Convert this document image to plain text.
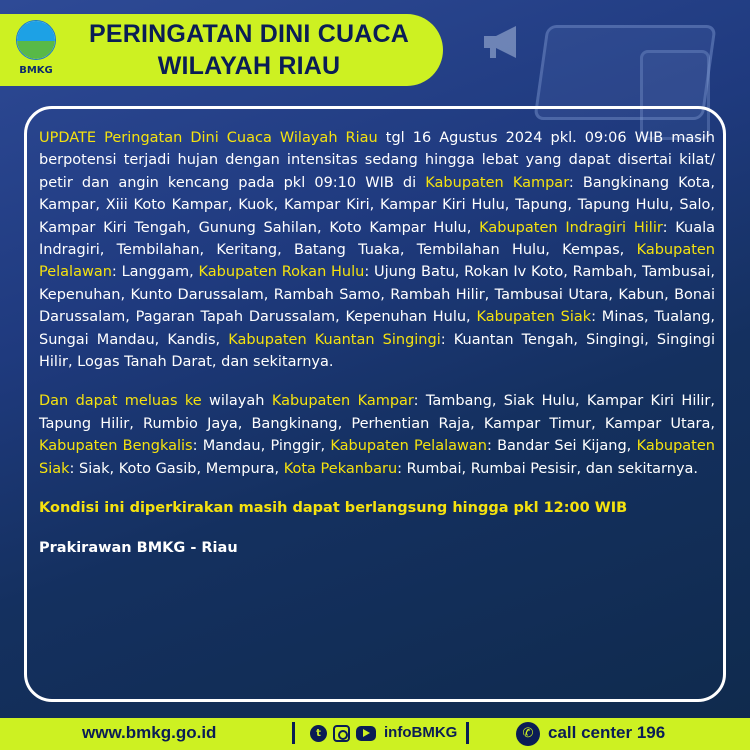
BMKG
PERINGATAN DINI CUACA
WILAYAH RIAU

UPDATE Peringatan Dini Cuaca Wilayah Riau tgl 16 Agustus 2024 pkl. 09:06 WIB masih berpotensi terjadi hujan dengan intensitas sedang hingga lebat yang dapat disertai kilat/ petir dan angin kencang pada pkl 09:10 WIB di Kabupaten Kampar: Bangkinang Kota, Kampar, Xiii Koto Kampar, Kuok, Kampar Kiri, Kampar Kiri Hulu, Tapung, Tapung Hulu, Salo, Kampar Kiri Tengah, Gunung Sahilan, Koto Kampar Hulu, Kabupaten Indragiri Hilir: Kuala Indragiri, Tembilahan, Keritang, Batang Tuaka, Tembilahan Hulu, Kempas, Kabupaten Pelalawan: Langgam, Kabupaten Rokan Hulu: Ujung Batu, Rokan Iv Koto, Rambah, Tambusai, Kepenuhan, Kunto Darussalam, Rambah Samo, Rambah Hilir, Tambusai Utara, Kabun, Bonai Darussalam, Pagaran Tapah Darussalam, Kepenuhan Hulu, Kabupaten Siak: Minas, Tualang, Sungai Mandau, Kandis, Kabupaten Kuantan Singingi: Kuantan Tengah, Singingi, Singingi Hilir, Logas Tanah Darat, dan sekitarnya.

Dan dapat meluas ke wilayah Kabupaten Kampar: Tambang, Siak Hulu, Kampar Kiri Hilir, Tapung Hilir, Rumbio Jaya, Bangkinang, Perhentian Raja, Kampar Timur, Kampar Utara, Kabupaten Bengkalis: Mandau, Pinggir, Kabupaten Pelalawan: Bandar Sei Kijang, Kabupaten Siak: Siak, Koto Gasib, Mempura, Kota Pekanbaru: Rumbai, Rumbai Pesisir, dan sekitarnya.

Kondisi ini diperkirakan masih dapat berlangsung hingga pkl 12:00 WIB

Prakirawan BMKG - Riau

www.bmkg.go.id	t	infoBMKG	✆ call center 196
